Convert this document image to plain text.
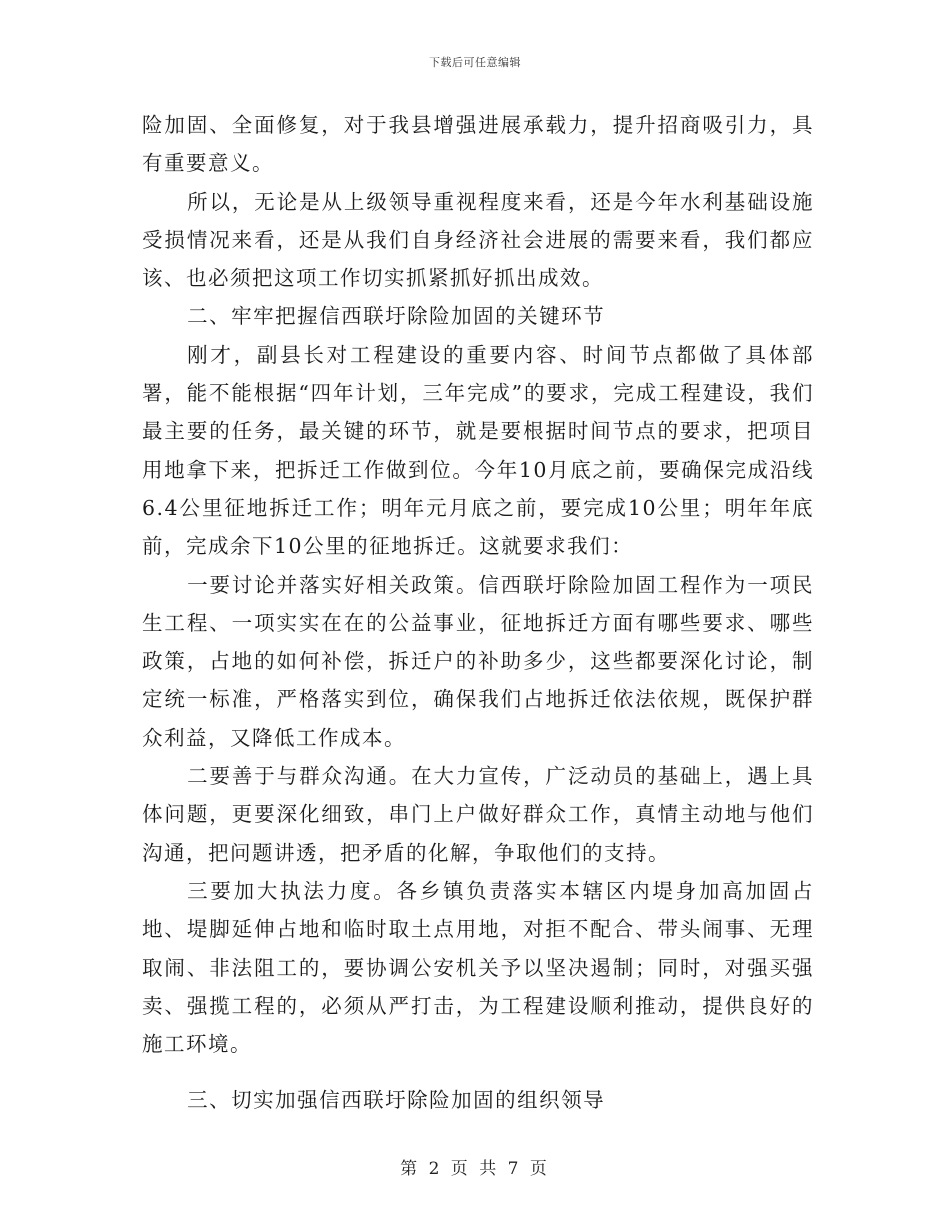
下载后可任意编辑

险加固、全面修复，对于我县增强进展承载力，提升招商吸引力，具有重要意义。

所以，无论是从上级领导重视程度来看，还是今年水利基础设施受损情况来看，还是从我们自身经济社会进展的需要来看，我们都应该、也必须把这项工作切实抓紧抓好抓出成效。

二、牢牢把握信西联圩除险加固的关键环节

刚才，副县长对工程建设的重要内容、时间节点都做了具体部署，能不能根据“四年计划，三年完成”的要求，完成工程建设，我们最主要的任务，最关键的环节，就是要根据时间节点的要求，把项目用地拿下来，把拆迁工作做到位。今年10月底之前，要确保完成沿线6.4公里征地拆迁工作；明年元月底之前，要完成10公里；明年年底前，完成余下10公里的征地拆迁。这就要求我们：

一要讨论并落实好相关政策。信西联圩除险加固工程作为一项民生工程、一项实实在在的公益事业，征地拆迁方面有哪些要求、哪些政策，占地的如何补偿，拆迁户的补助多少，这些都要深化讨论，制定统一标准，严格落实到位，确保我们占地拆迁依法依规，既保护群众利益，又降低工作成本。

二要善于与群众沟通。在大力宣传，广泛动员的基础上，遇上具体问题，更要深化细致，串门上户做好群众工作，真情主动地与他们沟通，把问题讲透，把矛盾的化解，争取他们的支持。

三要加大执法力度。各乡镇负责落实本辖区内堤身加高加固占地、堤脚延伸占地和临时取土点用地，对拒不配合、带头闹事、无理取闹、非法阻工的，要协调公安机关予以坚决遏制；同时，对强买强卖、强揽工程的，必须从严打击，为工程建设顺利推动，提供良好的施工环境。

三、切实加强信西联圩除险加固的组织领导

第 2 页 共 7 页
